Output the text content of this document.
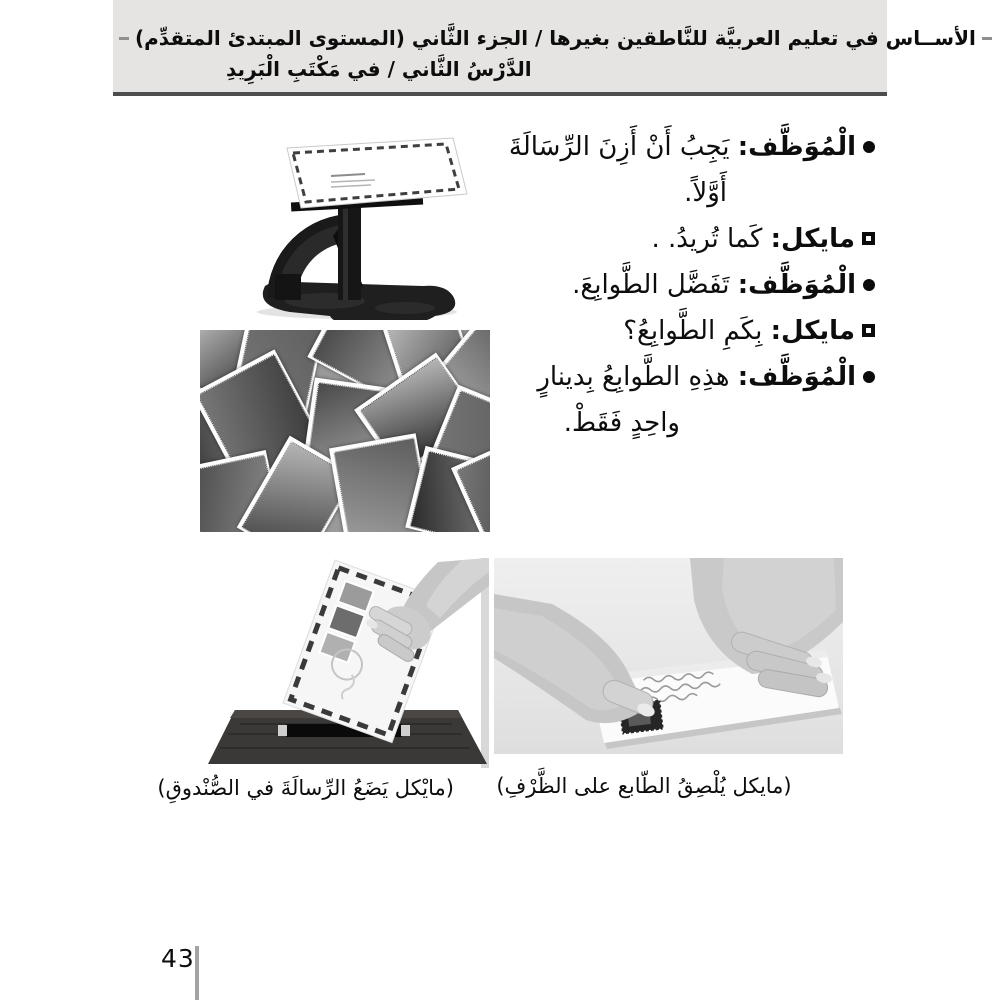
الأســاس في تعليم العربيَّة للنَّاطقين بغيرها / الجزء الثَّاني (المستوى المبتدئ المتقدِّم)
الدَّرْسُ الثَّاني / في مَكْتَبِ الْبَرِيدِ
الْمُوَظَّف: يَجِبُ أَنْ أَزِنَ الرِّسَالَةَ
أَوَّلاً.
مايكل: كَما تُريدُ. .
الْمُوَظَّف: تَفَضَّل الطَّوابِعَ.
مايكل: بِكَمِ الطَّوابِعُ؟
الْمُوَظَّف: هذِهِ الطَّوابِعُ بِدينارٍ
واحِدٍ فَقَطْ.
(مايْكل يَضَعُ الرِّسالَةَ في الصُّنْدوقِ) (مايكل يُلْصِقُ الطّابع على الظَّرْفِ)
43
